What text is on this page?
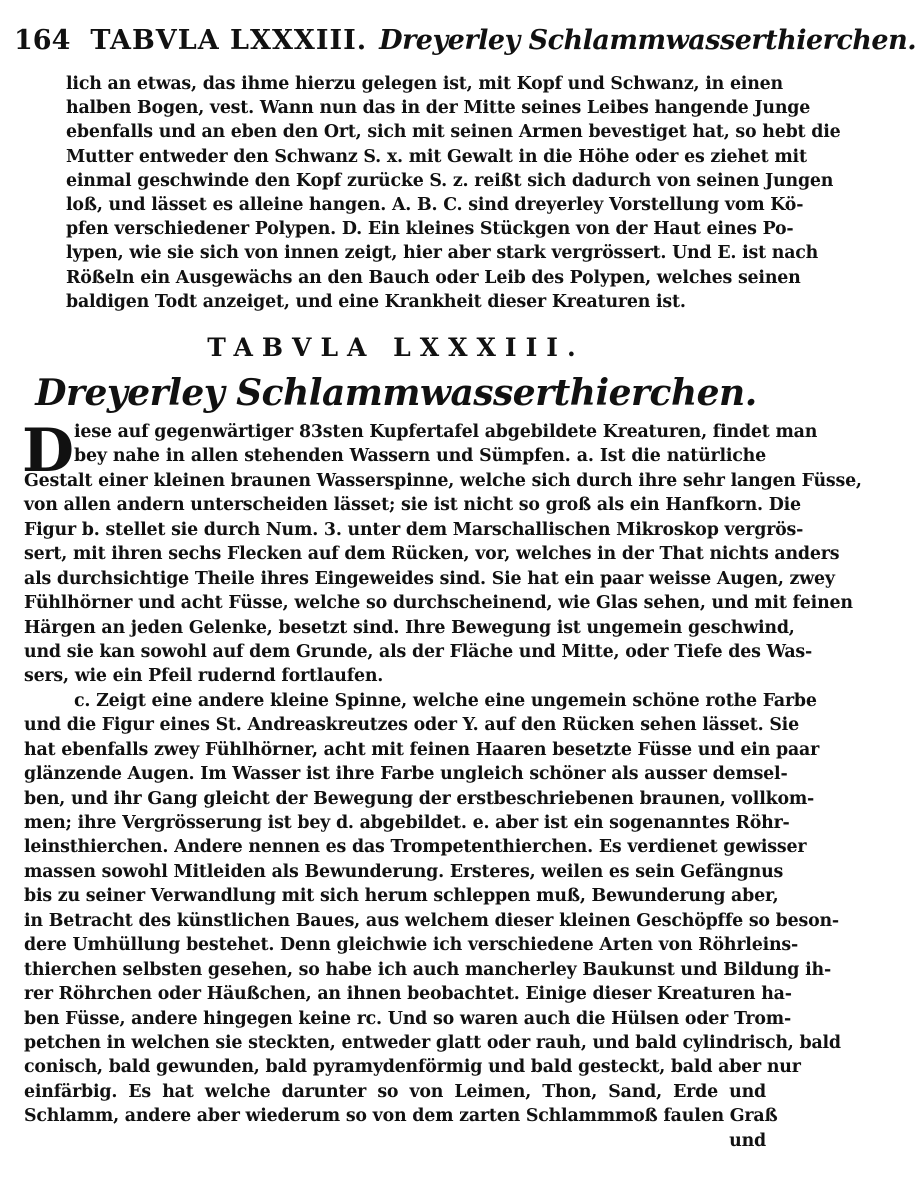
164 TABVLA LXXXIII. Dreyerley Schlammwasserthierchen.
lich an etwas, das ihme hierzu gelegen ist, mit Kopf und Schwanz, in einen
halben Bogen, vest. Wann nun das in der Mitte seines Leibes hangende Junge
ebenfalls und an eben den Ort, sich mit seinen Armen bevestiget hat, so hebt die
Mutter entweder den Schwanz S. x. mit Gewalt in die Höhe oder es ziehet mit
einmal geschwinde den Kopf zurücke S. z. reißt sich dadurch von seinen Jungen
loß, und lässet es alleine hangen. A. B. C. sind dreyerley Vorstellung vom Kö-
pfen verschiedener Polypen. D. Ein kleines Stückgen von der Haut eines Po-
lypen, wie sie sich von innen zeigt, hier aber stark vergrössert. Und E. ist nach
Rößeln ein Ausgewächs an den Bauch oder Leib des Polypen, welches seinen
baldigen Todt anzeiget, und eine Krankheit dieser Kreaturen ist.
TABVLA LXXXIII.
Dreyerley Schlammwasserthierchen.
D iese auf gegenwärtiger 83sten Kupfertafel abgebildete Kreaturen, findet man
bey nahe in allen stehenden Wassern und Sümpfen. a. Ist die natürliche
Gestalt einer kleinen braunen Wasserspinne, welche sich durch ihre sehr langen Füsse,
von allen andern unterscheiden lässet; sie ist nicht so groß als ein Hanfkorn. Die
Figur b. stellet sie durch Num. 3. unter dem Marschallischen Mikroskop vergrös-
sert, mit ihren sechs Flecken auf dem Rücken, vor, welches in der That nichts anders
als durchsichtige Theile ihres Eingeweides sind. Sie hat ein paar weisse Augen, zwey
Fühlhörner und acht Füsse, welche so durchscheinend, wie Glas sehen, und mit feinen
Härgen an jeden Gelenke, besetzt sind. Ihre Bewegung ist ungemein geschwind,
und sie kan sowohl auf dem Grunde, als der Fläche und Mitte, oder Tiefe des Was-
sers, wie ein Pfeil rudernd fortlaufen.
c. Zeigt eine andere kleine Spinne, welche eine ungemein schöne rothe Farbe
und die Figur eines St. Andreaskreutzes oder Y. auf den Rücken sehen lässet. Sie
hat ebenfalls zwey Fühlhörner, acht mit feinen Haaren besetzte Füsse und ein paar
glänzende Augen. Im Wasser ist ihre Farbe ungleich schöner als ausser demsel-
ben, und ihr Gang gleicht der Bewegung der erstbeschriebenen braunen, vollkom-
men; ihre Vergrösserung ist bey d. abgebildet. e. aber ist ein sogenanntes Röhr-
leinsthierchen. Andere nennen es das Trompetenthierchen. Es verdienet gewisser
massen sowohl Mitleiden als Bewunderung. Ersteres, weilen es sein Gefängnus
bis zu seiner Verwandlung mit sich herum schleppen muß, Bewunderung aber,
in Betracht des künstlichen Baues, aus welchem dieser kleinen Geschöpffe so beson-
dere Umhüllung bestehet. Denn gleichwie ich verschiedene Arten von Röhrleins-
thierchen selbsten gesehen, so habe ich auch mancherley Baukunst und Bildung ih-
rer Röhrchen oder Häußchen, an ihnen beobachtet. Einige dieser Kreaturen ha-
ben Füsse, andere hingegen keine rc. Und so waren auch die Hülsen oder Trom-
petchen in welchen sie steckten, entweder glatt oder rauh, und bald cylindrisch, bald
conisch, bald gewunden, bald pyramydenförmig und bald gesteckt, bald aber nur
einfärbig. Es hat welche darunter so von Leimen, Thon, Sand, Erde und
Schlamm, andere aber wiederum so von dem zarten Schlammmoß faulen Graß
und
